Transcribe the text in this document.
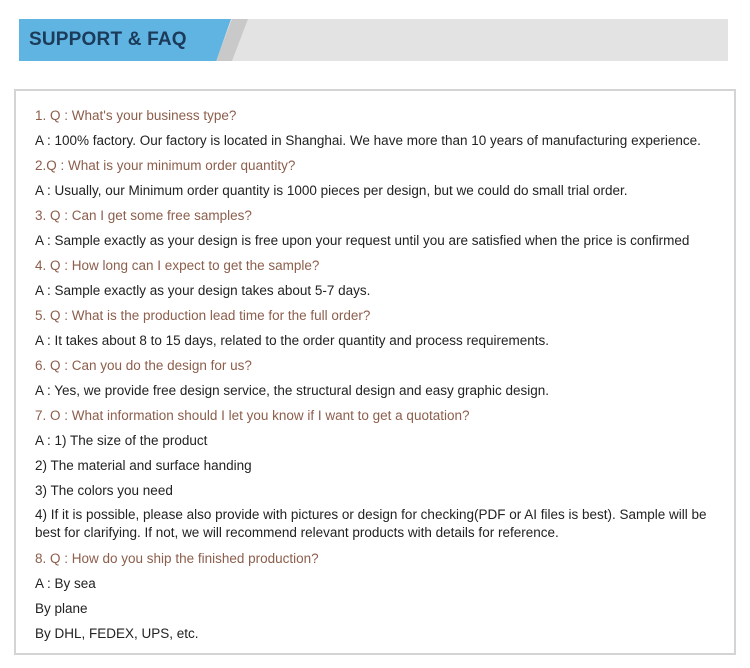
SUPPORT & FAQ
1. Q : What's your business type?
A : 100% factory. Our factory is located in Shanghai. We have more than 10 years of manufacturing experience.
2.Q : What is your minimum order quantity?
A : Usually, our Minimum order quantity is 1000 pieces per design, but we could do small trial order.
3. Q : Can I get some free samples?
A : Sample exactly as your design is free upon your request until you are satisfied when the price is confirmed
4. Q : How long can I expect to get the sample?
A : Sample exactly as your design takes about 5-7 days.
5. Q : What is the production lead time for the full order?
A : It takes about 8 to 15 days, related to the order quantity and process requirements.
6. Q : Can you do the design for us?
A : Yes, we provide free design service, the structural design and easy graphic design.
7. O : What information should I let you know if I want to get a quotation?
A : 1) The size of the product
2) The material and surface handing
3) The colors you need
4) If it is possible, please also provide with pictures or design for checking(PDF or AI files is best). Sample will be best for clarifying. If not, we will recommend relevant products with details for reference.
8. Q : How do you ship the finished production?
A : By sea
By plane
By DHL, FEDEX, UPS, etc.
